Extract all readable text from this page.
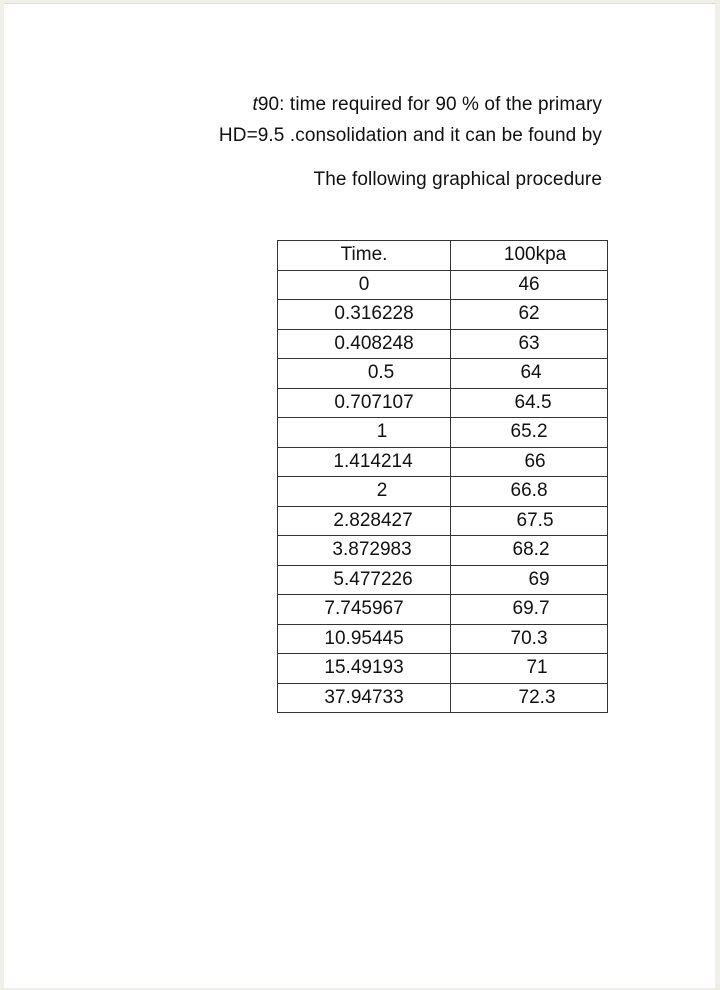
t90: time required for 90 % of the primary
HD=9.5 .consolidation and it can be found by
The following graphical procedure
Time.	100kpa
0	46
0.316228	62
0.408248	63
0.5	64
0.707107	64.5
1	65.2
1.414214	66
2	66.8
2.828427	67.5
3.872983	68.2
5.477226	69
7.745967	69.7
10.95445	70.3
15.49193	71
37.94733	72.3
